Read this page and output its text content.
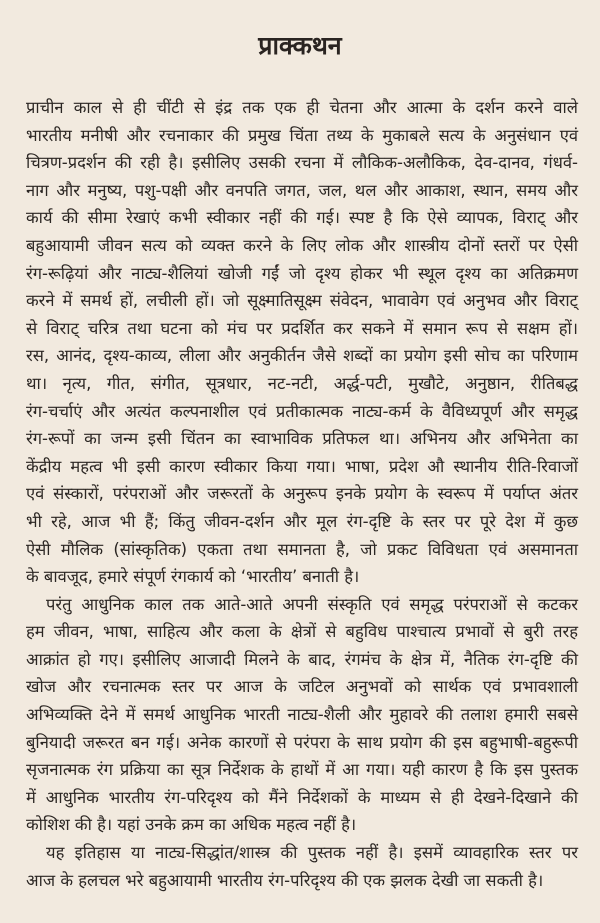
प्राक्कथन
प्राचीन काल से ही चींटी से इंद्र तक एक ही चेतना और आत्मा के दर्शन करने वाले
भारतीय मनीषी और रचनाकार की प्रमुख चिंता तथ्य के मुकाबले सत्य के अनुसंधान एवं
चित्रण-प्रदर्शन की रही है। इसीलिए उसकी रचना में लौकिक-अलौकिक, देव-दानव, गंधर्व-
नाग और मनुष्य, पशु-पक्षी और वनपति जगत, जल, थल और आकाश, स्थान, समय और
कार्य की सीमा रेखाएं कभी स्वीकार नहीं की गई। स्पष्ट है कि ऐसे व्यापक, विराट् और
बहुआयामी जीवन सत्य को व्यक्त करने के लिए लोक और शास्त्रीय दोनों स्तरों पर ऐसी
रंग-रूढ़ियां और नाट्य-शैलियां खोजी गईं जो दृश्य होकर भी स्थूल दृश्य का अतिक्रमण
करने में समर्थ हों, लचीली हों। जो सूक्ष्मातिसूक्ष्म संवेदन, भावावेग एवं अनुभव और विराट्
से विराट् चरित्र तथा घटना को मंच पर प्रदर्शित कर सकने में समान रूप से सक्षम हों।
रस, आनंद, दृश्य-काव्य, लीला और अनुकीर्तन जैसे शब्दों का प्रयोग इसी सोच का परिणाम
था। नृत्य, गीत, संगीत, सूत्रधार, नट-नटी, अर्द्ध-पटी, मुखौटे, अनुष्ठान, रीतिबद्ध
रंग-चर्चाएं और अत्यंत कल्पनाशील एवं प्रतीकात्मक नाट्य-कर्म के वैविध्यपूर्ण और समृद्ध
रंग-रूपों का जन्म इसी चिंतन का स्वाभाविक प्रतिफल था। अभिनय और अभिनेता का
केंद्रीय महत्व भी इसी कारण स्वीकार किया गया। भाषा, प्रदेश औ स्थानीय रीति-रिवाजों
एवं संस्कारों, परंपराओं और जरूरतों के अनुरूप इनके प्रयोग के स्वरूप में पर्याप्त अंतर
भी रहे, आज भी हैं; किंतु जीवन-दर्शन और मूल रंग-दृष्टि के स्तर पर पूरे देश में कुछ
ऐसी मौलिक (सांस्कृतिक) एकता तथा समानता है, जो प्रकट विविधता एवं असमानता
के बावजूद, हमारे संपूर्ण रंगकार्य को ‘भारतीय’ बनाती है।
परंतु आधुनिक काल तक आते-आते अपनी संस्कृति एवं समृद्ध परंपराओं से कटकर
हम जीवन, भाषा, साहित्य और कला के क्षेत्रों से बहुविध पाश्चात्य प्रभावों से बुरी तरह
आक्रांत हो गए। इसीलिए आजादी मिलने के बाद, रंगमंच के क्षेत्र में, नैतिक रंग-दृष्टि की
खोज और रचनात्मक स्तर पर आज के जटिल अनुभवों को सार्थक एवं प्रभावशाली
अभिव्यक्ति देने में समर्थ आधुनिक भारती नाट्य-शैली और मुहावरे की तलाश हमारी सबसे
बुनियादी जरूरत बन गई। अनेक कारणों से परंपरा के साथ प्रयोग की इस बहुभाषी-बहुरूपी
सृजनात्मक रंग प्रक्रिया का सूत्र निर्देशक के हाथों में आ गया। यही कारण है कि इस पुस्तक
में आधुनिक भारतीय रंग-परिदृश्य को मैंने निर्देशकों के माध्यम से ही देखने-दिखाने की
कोशिश की है। यहां उनके क्रम का अधिक महत्व नहीं है।
यह इतिहास या नाट्य-सिद्धांत/शास्त्र की पुस्तक नहीं है। इसमें व्यावहारिक स्तर पर
आज के हलचल भरे बहुआयामी भारतीय रंग-परिदृश्य की एक झलक देखी जा सकती है।
